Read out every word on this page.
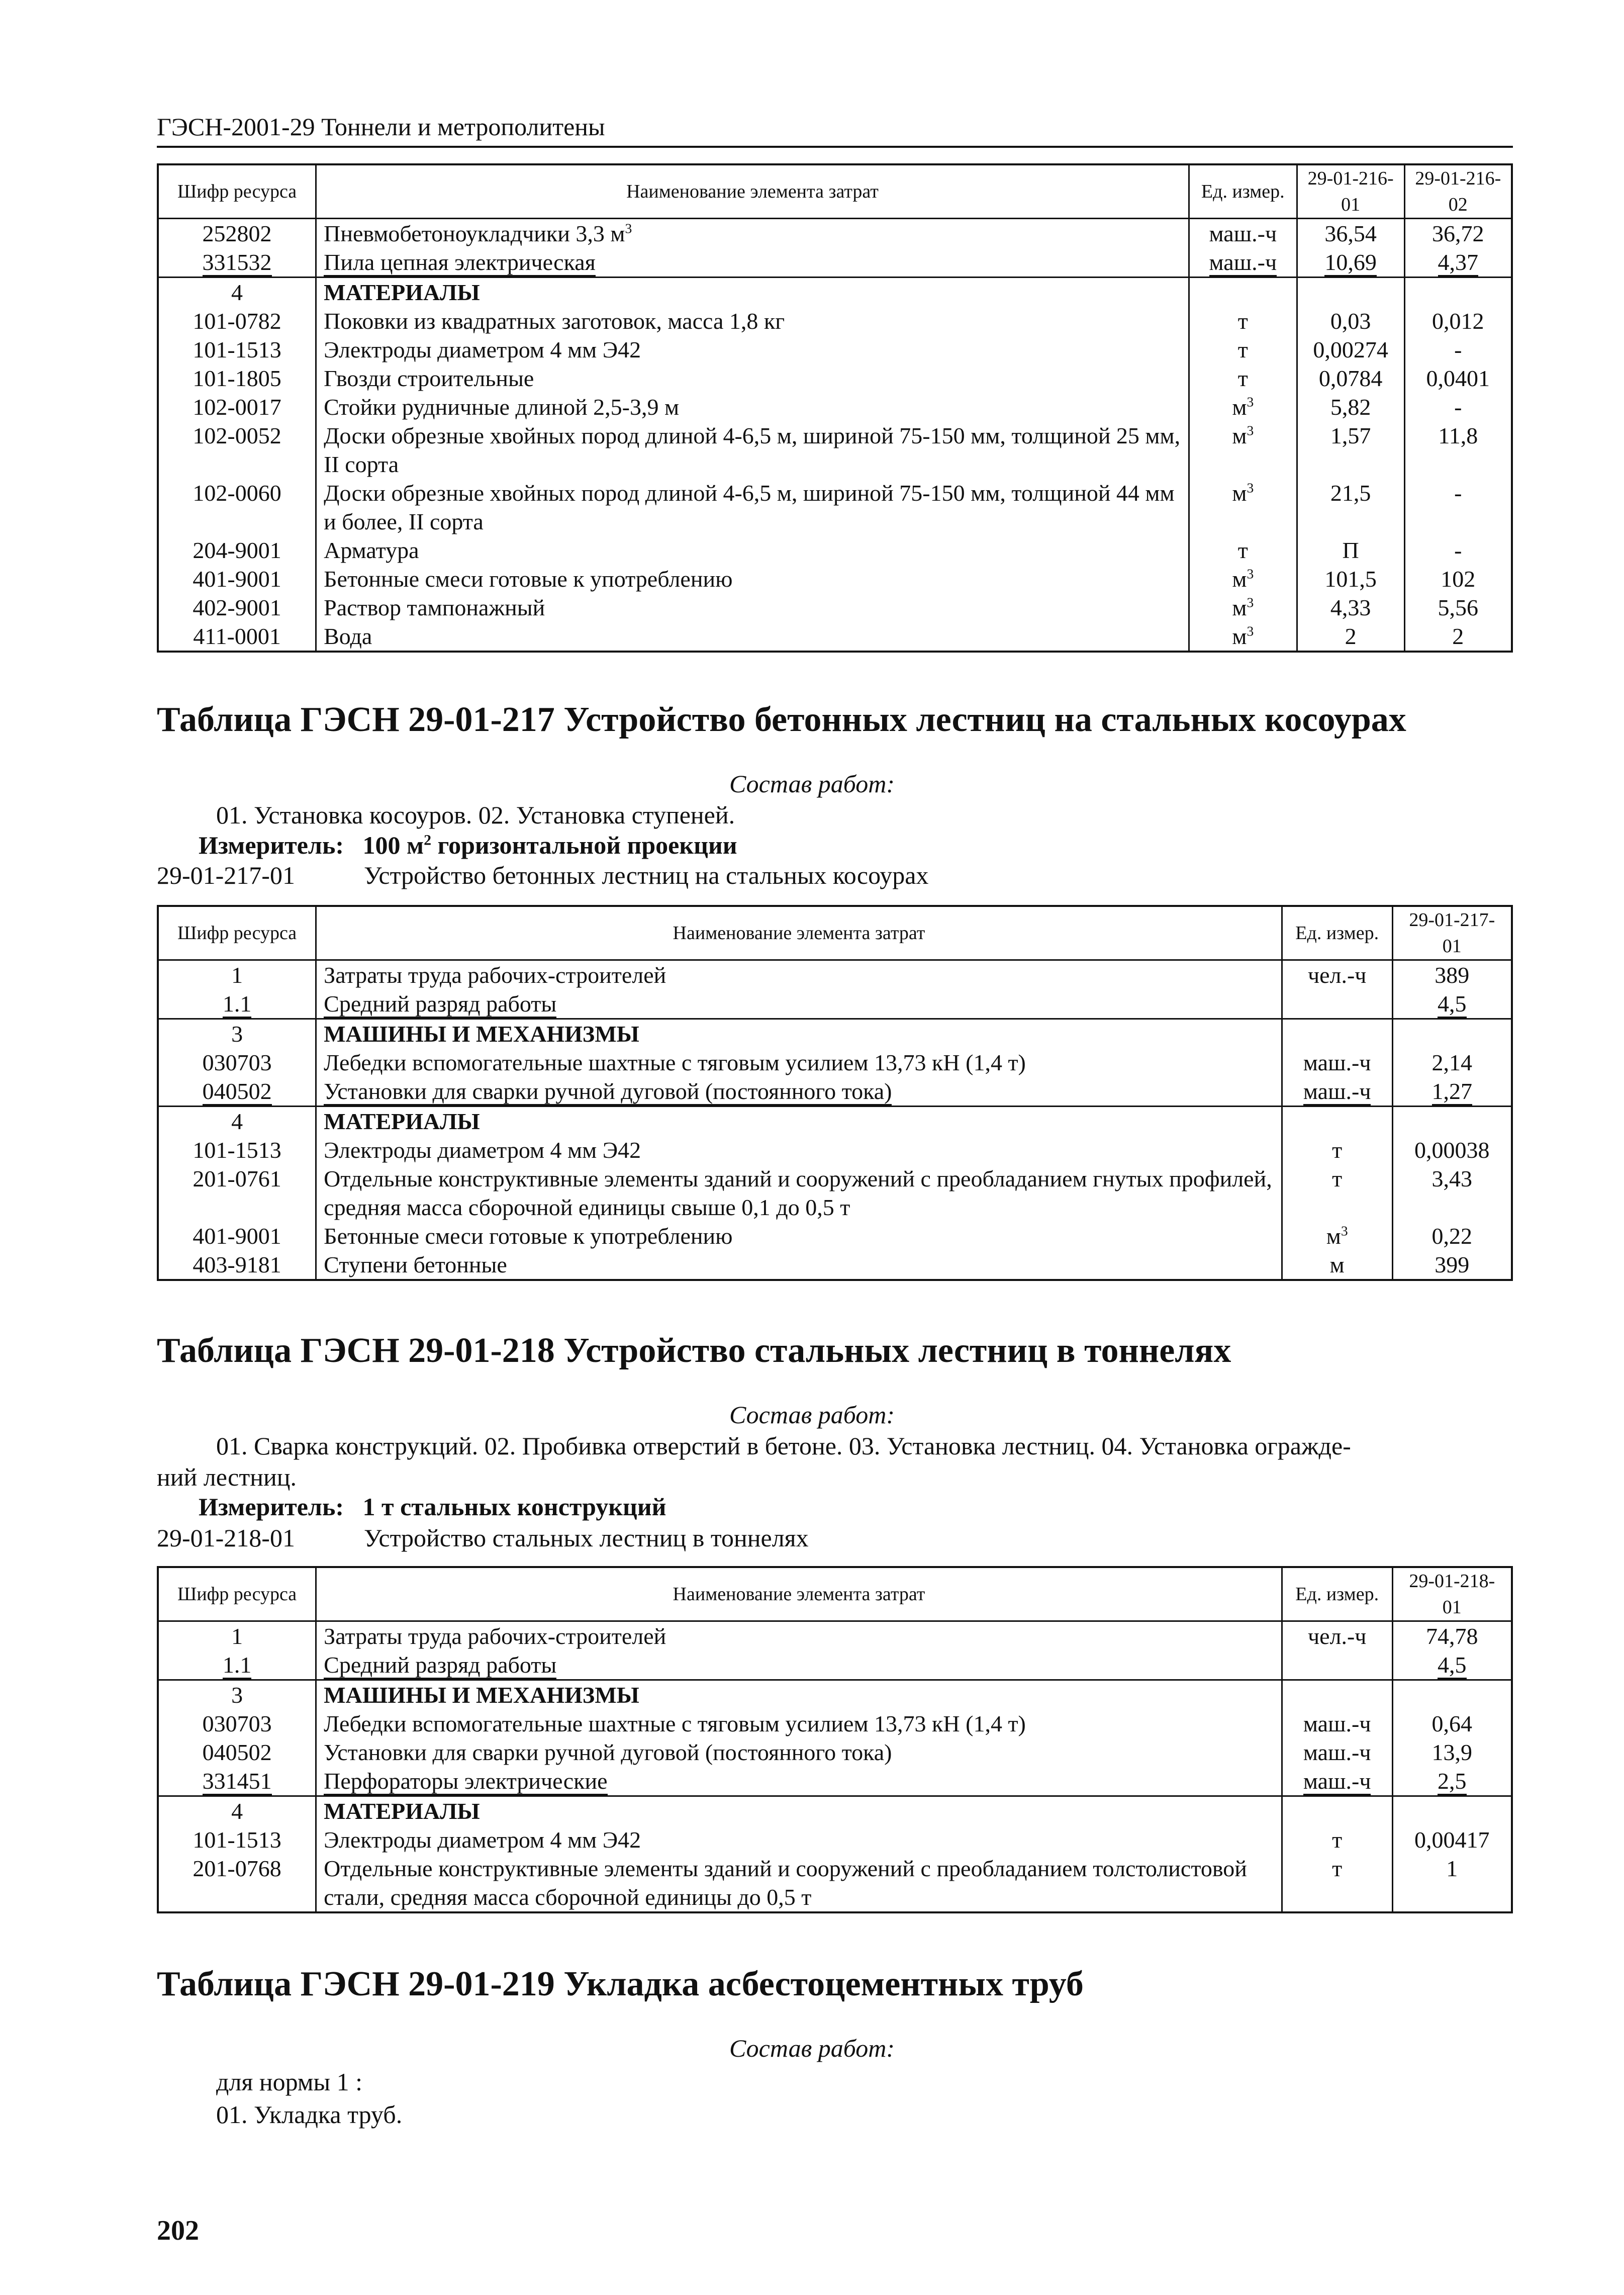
ГЭСН-2001-29 Тоннели и метрополитены
Шифр ресурса	Наименование элемента затрат	Ед. измер.	29-01-216-01	29-01-216-02
252802	Пневмобетоноукладчики 3,3 $м^3$	маш.-ч	36,54	36,72
331532	Пила цепная электрическая	маш.-ч	10,69	4,37
4	МАТЕРИАЛЫ			
101-0782	Поковки из квадратных заготовок, масса 1,8 кг	т	0,03	0,012
101-1513	Электроды диаметром 4 мм Э42	т	0,00274	-
101-1805	Гвозди строительные	т	0,0784	0,0401
102-0017	Стойки рудничные длиной 2,5-3,9 м	$м^3$	5,82	-
102-0052	Доски обрезные хвойных пород длиной 4-6,5 м, шириной 75-150 мм, толщиной 25 мм, II сорта	$м^3$	1,57	11,8
102-0060	Доски обрезные хвойных пород длиной 4-6,5 м, шириной 75-150 мм, толщиной 44 мм и более, II сорта	$м^3$	21,5	-
204-9001	Арматура	т	П	-
401-9001	Бетонные смеси готовые к употреблению	$м^3$	101,5	102
402-9001	Раствор тампонажный	$м^3$	4,33	5,56
411-0001	Вода	$м^3$	2	2
Таблица ГЭСН 29-01-217 Устройство бетонных лестниц на стальных косоурах
Состав работ:
01. Установка косоуров. 02. Установка ступеней.
Измеритель: 100 $м^2$ горизонтальной проекции
29-01-217-01	Устройство бетонных лестниц на стальных косоурах
Шифр ресурса	Наименование элемента затрат	Ед. измер.	29-01-217-01
1	Затраты труда рабочих-строителей	чел.-ч	389
1.1	Средний разряд работы		4,5
3	МАШИНЫ И МЕХАНИЗМЫ		
030703	Лебедки вспомогательные шахтные с тяговым усилием 13,73 кН (1,4 т)	маш.-ч	2,14
040502	Установки для сварки ручной дуговой (постоянного тока)	маш.-ч	1,27
4	МАТЕРИАЛЫ		
101-1513	Электроды диаметром 4 мм Э42	т	0,00038
201-0761	Отдельные конструктивные элементы зданий и сооружений с преобладанием гнутых профилей, средняя масса сборочной единицы свыше 0,1 до 0,5 т	т	3,43
401-9001	Бетонные смеси готовые к употреблению	$м^3$	0,22
403-9181	Ступени бетонные	м	399
Таблица ГЭСН 29-01-218 Устройство стальных лестниц в тоннелях
Состав работ:
01. Сварка конструкций. 02. Пробивка отверстий в бетоне. 03. Установка лестниц. 04. Установка огражде-
ний лестниц.
Измеритель: 1 т стальных конструкций
29-01-218-01	Устройство стальных лестниц в тоннелях
Шифр ресурса	Наименование элемента затрат	Ед. измер.	29-01-218-01
1	Затраты труда рабочих-строителей	чел.-ч	74,78
1.1	Средний разряд работы		4,5
3	МАШИНЫ И МЕХАНИЗМЫ		
030703	Лебедки вспомогательные шахтные с тяговым усилием 13,73 кН (1,4 т)	маш.-ч	0,64
040502	Установки для сварки ручной дуговой (постоянного тока)	маш.-ч	13,9
331451	Перфораторы электрические	маш.-ч	2,5
4	МАТЕРИАЛЫ		
101-1513	Электроды диаметром 4 мм Э42	т	0,00417
201-0768	Отдельные конструктивные элементы зданий и сооружений с преобладанием толстолистовой стали, средняя масса сборочной единицы до 0,5 т	т	1
Таблица ГЭСН 29-01-219 Укладка асбестоцементных труб
Состав работ:
для нормы 1 :
01. Укладка труб.
202
